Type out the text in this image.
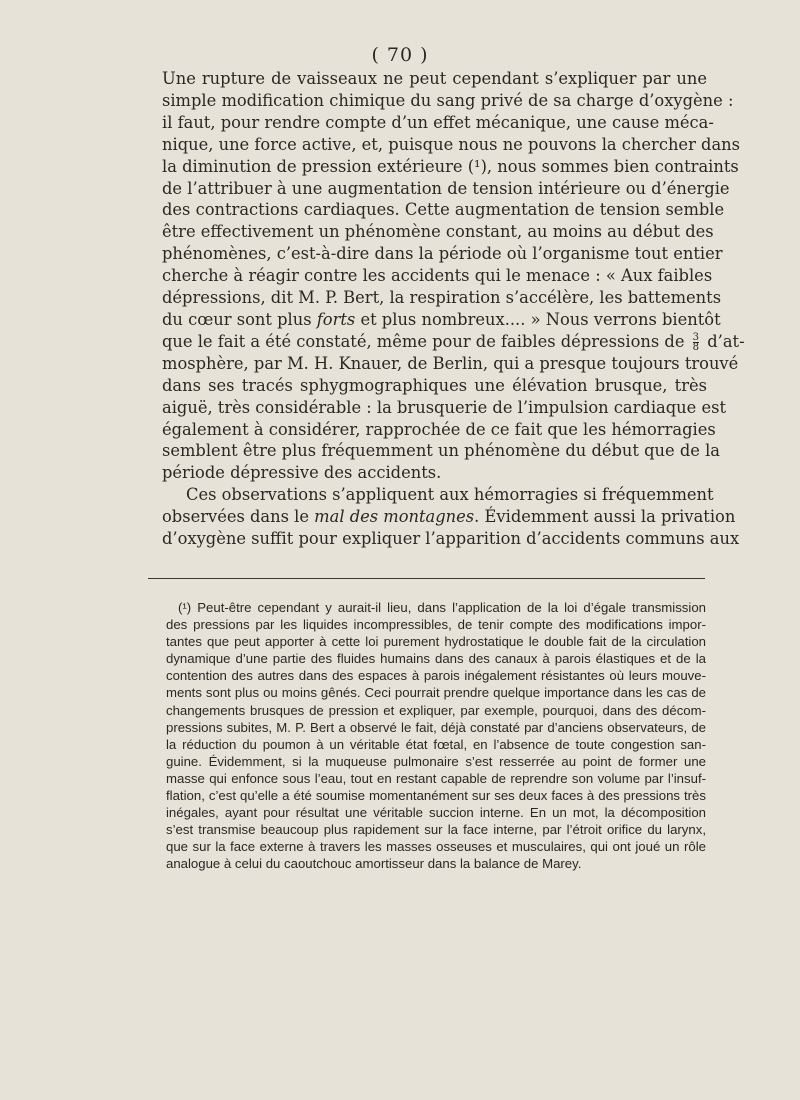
( 70 )
Une rupture de vaisseaux ne peut cependant s’expliquer par une
simple modification chimique du sang privé de sa charge d’oxygène :
il faut, pour rendre compte d’un effet mécanique, une cause méca-
nique, une force active, et, puisque nous ne pouvons la chercher dans
la diminution de pression extérieure (¹), nous sommes bien contraints
de l’attribuer à une augmentation de tension intérieure ou d’énergie
des contractions cardiaques. Cette augmentation de tension semble
être effectivement un phénomène constant, au moins au début des
phénomènes, c’est-à-dire dans la période où l’organisme tout entier
cherche à réagir contre les accidents qui le menace : « Aux faibles
dépressions, dit M. P. Bert, la respiration s’accélère, les battements
du cœur sont plus forts et plus nombreux.... » Nous verrons bientôt
que le fait a été constaté, même pour de faibles dépressions de $\frac{3}{8}$ d’at-
mosphère, par M. H. Knauer, de Berlin, qui a presque toujours trouvé
dans ses tracés sphygmographiques une élévation brusque, très
aiguë, très considérable : la brusquerie de l’impulsion cardiaque est
également à considérer, rapprochée de ce fait que les hémorragies
semblent être plus fréquemment un phénomène du début que de la
période dépressive des accidents.
Ces observations s’appliquent aux hémorragies si fréquemment
observées dans le mal des montagnes. Évidemment aussi la privation
d’oxygène suffit pour expliquer l’apparition d’accidents communs aux
(¹) Peut-être cependant y aurait-il lieu, dans l’application de la loi d’égale transmission
des pressions par les liquides incompressibles, de tenir compte des modifications impor-
tantes que peut apporter à cette loi purement hydrostatique le double fait de la circulation
dynamique d’une partie des fluides humains dans des canaux à parois élastiques et de la
contention des autres dans des espaces à parois inégalement résistantes où leurs mouve-
ments sont plus ou moins gênés. Ceci pourrait prendre quelque importance dans les cas de
changements brusques de pression et expliquer, par exemple, pourquoi, dans des décom-
pressions subites, M. P. Bert a observé le fait, déjà constaté par d’anciens observateurs, de
la réduction du poumon à un véritable état fœtal, en l’absence de toute congestion san-
guine. Évidemment, si la muqueuse pulmonaire s’est resserrée au point de former une
masse qui enfonce sous l’eau, tout en restant capable de reprendre son volume par l’insuf-
flation, c’est qu’elle a été soumise momentanément sur ses deux faces à des pressions très
inégales, ayant pour résultat une véritable succion interne. En un mot, la décomposition
s’est transmise beaucoup plus rapidement sur la face interne, par l’étroit orifice du larynx,
que sur la face externe à travers les masses osseuses et musculaires, qui ont joué un rôle
analogue à celui du caoutchouc amortisseur dans la balance de Marey.
